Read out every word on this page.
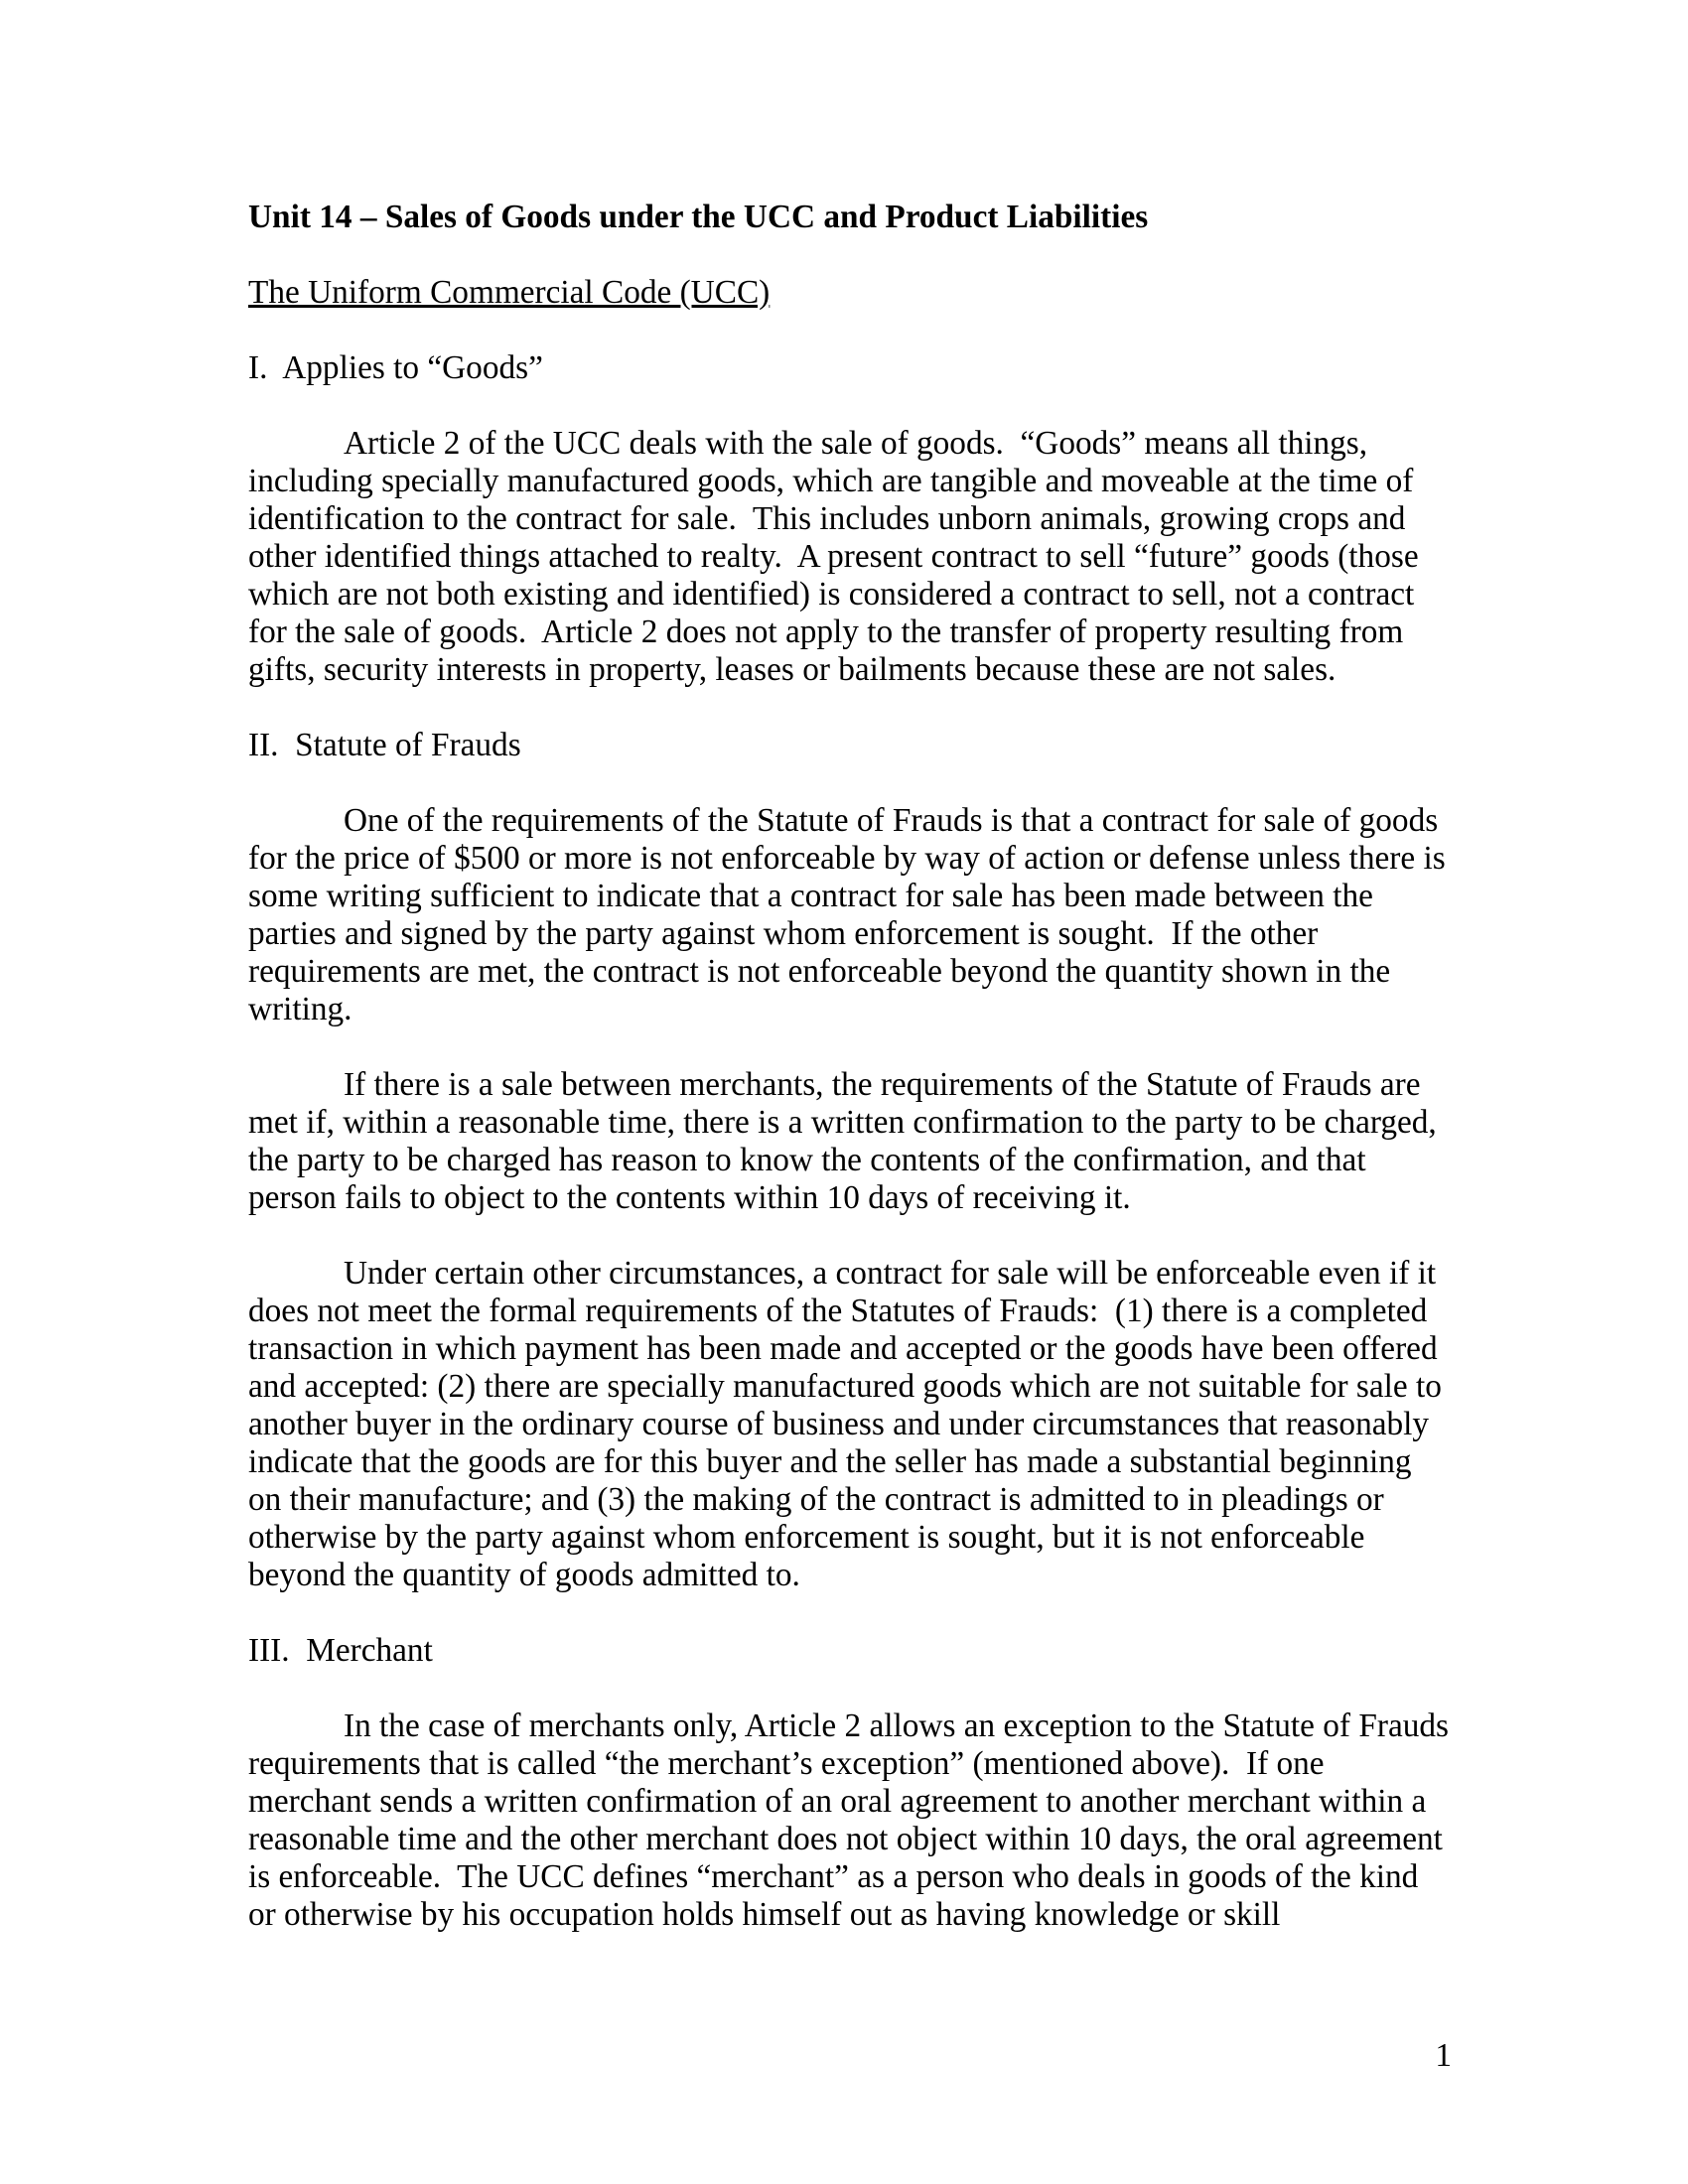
Unit 14 – Sales of Goods under the UCC and Product Liabilities
The Uniform Commercial Code (UCC)
I.  Applies to “Goods”
Article 2 of the UCC deals with the sale of goods.  “Goods” means all things, including specially manufactured goods, which are tangible and moveable at the time of identification to the contract for sale.  This includes unborn animals, growing crops and other identified things attached to realty.  A present contract to sell “future” goods (those which are not both existing and identified) is considered a contract to sell, not a contract for the sale of goods.  Article 2 does not apply to the transfer of property resulting from gifts, security interests in property, leases or bailments because these are not sales.
II.  Statute of Frauds
One of the requirements of the Statute of Frauds is that a contract for sale of goods for the price of $500 or more is not enforceable by way of action or defense unless there is some writing sufficient to indicate that a contract for sale has been made between the parties and signed by the party against whom enforcement is sought.  If the other requirements are met, the contract is not enforceable beyond the quantity shown in the writing.
If there is a sale between merchants, the requirements of the Statute of Frauds are met if, within a reasonable time, there is a written confirmation to the party to be charged, the party to be charged has reason to know the contents of the confirmation, and that person fails to object to the contents within 10 days of receiving it.
Under certain other circumstances, a contract for sale will be enforceable even if it does not meet the formal requirements of the Statutes of Frauds:  (1) there is a completed transaction in which payment has been made and accepted or the goods have been offered and accepted: (2) there are specially manufactured goods which are not suitable for sale to another buyer in the ordinary course of business and under circumstances that reasonably indicate that the goods are for this buyer and the seller has made a substantial beginning on their manufacture; and (3) the making of the contract is admitted to in pleadings or otherwise by the party against whom enforcement is sought, but it is not enforceable beyond the quantity of goods admitted to.
III.  Merchant
In the case of merchants only, Article 2 allows an exception to the Statute of Frauds requirements that is called “the merchant’s exception” (mentioned above).  If one merchant sends a written confirmation of an oral agreement to another merchant within a reasonable time and the other merchant does not object within 10 days, the oral agreement is enforceable.  The UCC defines “merchant” as a person who deals in goods of the kind or otherwise by his occupation holds himself out as having knowledge or skill
1
